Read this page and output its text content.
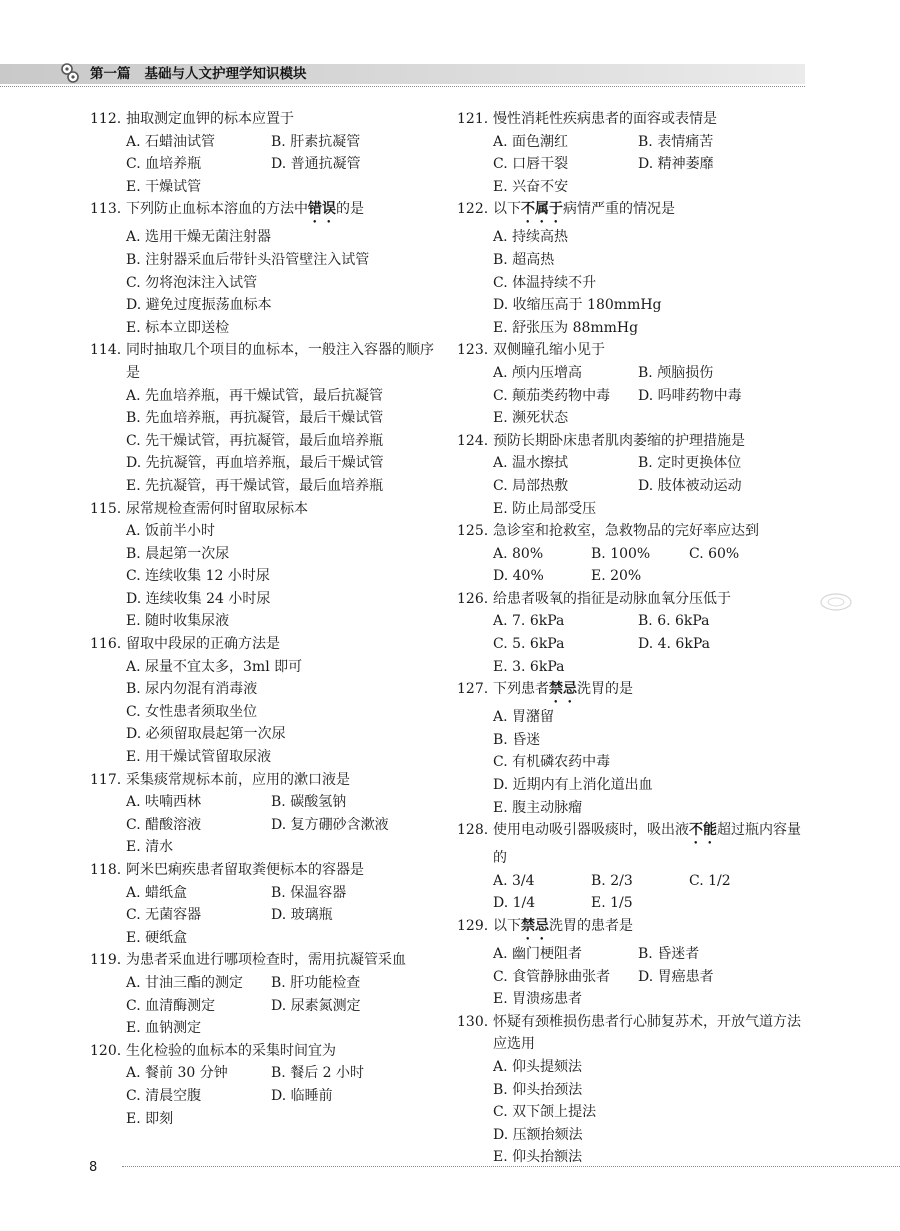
第一篇 基础与人文护理学知识模块
112. 抽取测定血钾的标本应置于
A. 石蜡油试管	B. 肝素抗凝管
C. 血培养瓶	D. 普通抗凝管
E. 干燥试管
113. 下列防止血标本溶血的方法中错误的是
A. 选用干燥无菌注射器
B. 注射器采血后带针头沿管壁注入试管
C. 勿将泡沫注入试管
D. 避免过度振荡血标本
E. 标本立即送检
114. 同时抽取几个项目的血标本，一般注入容器的顺序是
A. 先血培养瓶，再干燥试管，最后抗凝管
B. 先血培养瓶，再抗凝管，最后干燥试管
C. 先干燥试管，再抗凝管，最后血培养瓶
D. 先抗凝管，再血培养瓶，最后干燥试管
E. 先抗凝管，再干燥试管，最后血培养瓶
115. 尿常规检查需何时留取尿标本
A. 饭前半小时
B. 晨起第一次尿
C. 连续收集 12 小时尿
D. 连续收集 24 小时尿
E. 随时收集尿液
116. 留取中段尿的正确方法是
A. 尿量不宜太多，3ml 即可
B. 尿内勿混有消毒液
C. 女性患者须取坐位
D. 必须留取晨起第一次尿
E. 用干燥试管留取尿液
117. 采集痰常规标本前，应用的漱口液是
A. 呋喃西林	B. 碳酸氢钠
C. 醋酸溶液	D. 复方硼砂含漱液
E. 清水
118. 阿米巴痢疾患者留取粪便标本的容器是
A. 蜡纸盒	B. 保温容器
C. 无菌容器	D. 玻璃瓶
E. 硬纸盒
119. 为患者采血进行哪项检查时，需用抗凝管采血
A. 甘油三酯的测定	B. 肝功能检查
C. 血清酶测定	D. 尿素氮测定
E. 血钠测定
120. 生化检验的血标本的采集时间宜为
A. 餐前 30 分钟	B. 餐后 2 小时
C. 清晨空腹	D. 临睡前
E. 即刻
121. 慢性消耗性疾病患者的面容或表情是
A. 面色潮红	B. 表情痛苦
C. 口唇干裂	D. 精神萎靡
E. 兴奋不安
122. 以下不属于病情严重的情况是
A. 持续高热
B. 超高热
C. 体温持续不升
D. 收缩压高于 180mmHg
E. 舒张压为 88mmHg
123. 双侧瞳孔缩小见于
A. 颅内压增高	B. 颅脑损伤
C. 颠茄类药物中毒	D. 吗啡药物中毒
E. 濒死状态
124. 预防长期卧床患者肌肉萎缩的护理措施是
A. 温水擦拭	B. 定时更换体位
C. 局部热敷	D. 肢体被动运动
E. 防止局部受压
125. 急诊室和抢救室，急救物品的完好率应达到
A. 80%	B. 100%	C. 60%
D. 40%	E. 20%
126. 给患者吸氧的指征是动脉血氧分压低于
A. 7. 6kPa	B. 6. 6kPa
C. 5. 6kPa	D. 4. 6kPa
E. 3. 6kPa
127. 下列患者禁忌洗胃的是
A. 胃潴留
B. 昏迷
C. 有机磷农药中毒
D. 近期内有上消化道出血
E. 腹主动脉瘤
128. 使用电动吸引器吸痰时，吸出液不能超过瓶内容量的
A. 3/4	B. 2/3	C. 1/2
D. 1/4	E. 1/5
129. 以下禁忌洗胃的患者是
A. 幽门梗阻者	B. 昏迷者
C. 食管静脉曲张者	D. 胃癌患者
E. 胃溃疡患者
130. 怀疑有颈椎损伤患者行心肺复苏术，开放气道方法应选用
A. 仰头提颏法
B. 仰头抬颈法
C. 双下颌上提法
D. 压额抬颏法
E. 仰头抬额法
8
